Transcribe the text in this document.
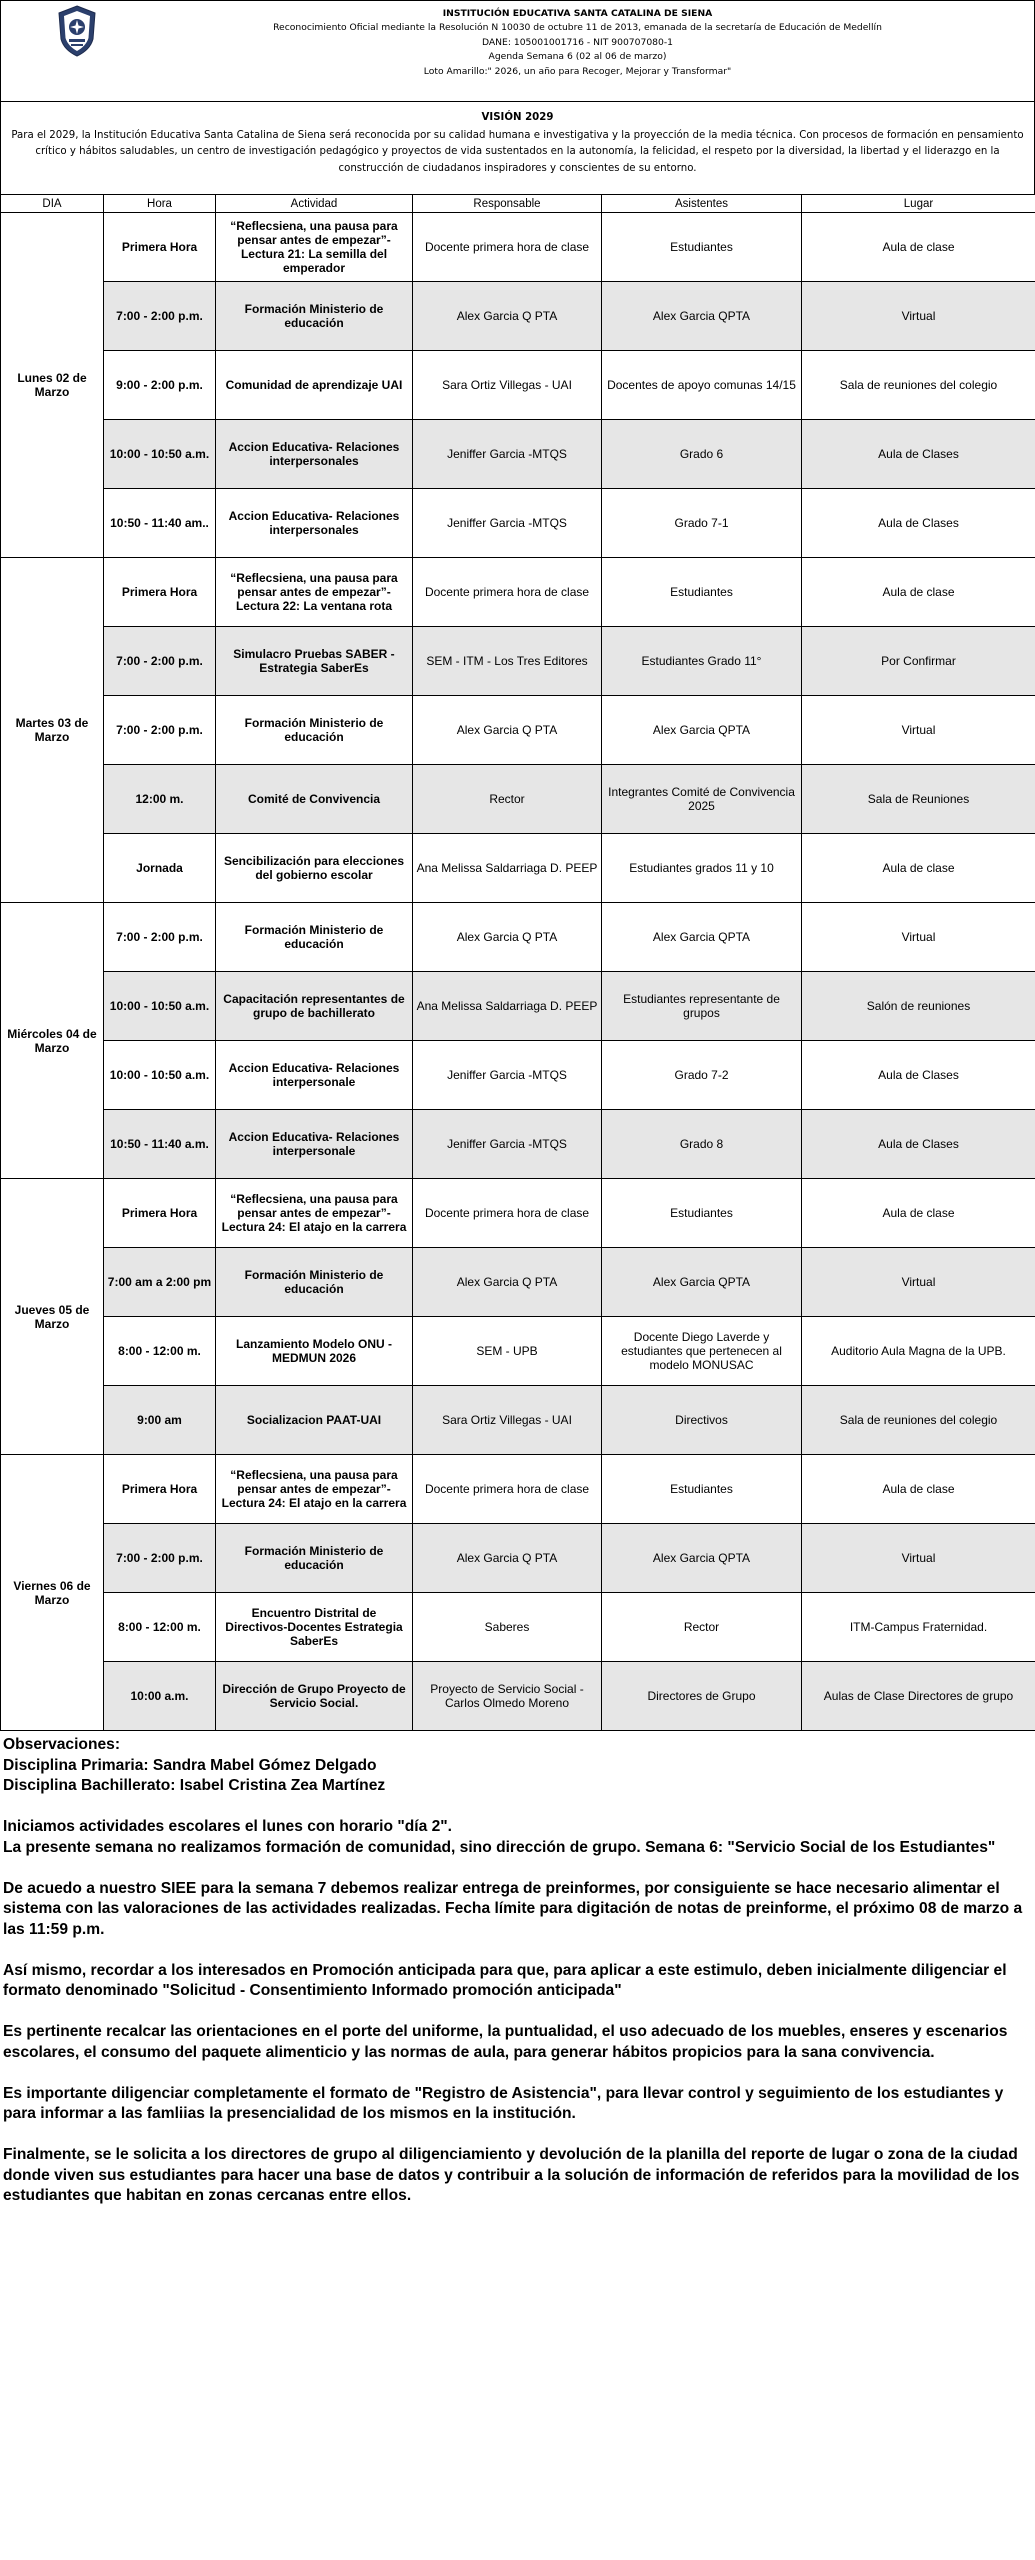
INSTITUCIÓN EDUCATIVA SANTA CATALINA DE SIENA
Reconocimiento Oficial mediante la Resolución N 10030 de octubre 11 de 2013, emanada de la secretaría de Educación de Medellín
DANE: 105001001716 - NIT 900707080-1
Agenda Semana 6 (02 al 06 de marzo)
Loto Amarillo:" 2026, un año para Recoger, Mejorar y Transformar"
VISIÓN 2029
Para el 2029, la Institución Educativa Santa Catalina de Siena será reconocida por su calidad humana e investigativa y la proyección de la media técnica. Con procesos de formación en pensamiento crítico y hábitos saludables, un centro de investigación pedagógico y proyectos de vida sustentados en la autonomía, la felicidad, el respeto por la diversidad, la libertad y el liderazgo en la construcción de ciudadanos inspiradores y conscientes de su entorno.
DIA	Hora	Actividad	Responsable	Asistentes	Lugar
Lunes 02 de Marzo	Primera Hora	“Reflecsiena, una pausa para pensar antes de empezar”- Lectura 21: La semilla del emperador	Docente primera hora de clase	Estudiantes	Aula de clase
	7:00 - 2:00 p.m.	Formación Ministerio de educación	Alex Garcia Q PTA	Alex Garcia QPTA	Virtual
	9:00 - 2:00 p.m.	Comunidad de aprendizaje UAI	Sara Ortiz Villegas - UAI	Docentes de apoyo comunas 14/15	Sala de reuniones del colegio
	10:00 - 10:50 a.m.	Accion Educativa- Relaciones interpersonales	Jeniffer Garcia -MTQS	Grado 6	Aula de Clases
	10:50 - 11:40 am..	Accion Educativa- Relaciones interpersonales	Jeniffer Garcia -MTQS	Grado 7-1	Aula de Clases
Martes 03 de Marzo	Primera Hora	“Reflecsiena, una pausa para pensar antes de empezar”- Lectura 22: La ventana rota	Docente primera hora de clase	Estudiantes	Aula de clase
	7:00 - 2:00 p.m.	Simulacro Pruebas SABER - Estrategia SaberEs	SEM - ITM - Los Tres Editores	Estudiantes Grado 11°	Por Confirmar
	7:00 - 2:00 p.m.	Formación Ministerio de educación	Alex Garcia Q PTA	Alex Garcia QPTA	Virtual
	12:00 m.	Comité de Convivencia	Rector	Integrantes Comité de Convivencia 2025	Sala de Reuniones
	Jornada	Sencibilización para elecciones del gobierno escolar	Ana Melissa Saldarriaga D. PEEP	Estudiantes grados 11 y 10	Aula de clase
Miércoles 04 de Marzo	7:00 - 2:00 p.m.	Formación Ministerio de educación	Alex Garcia Q PTA	Alex Garcia QPTA	Virtual
	10:00 - 10:50 a.m.	Capacitación representantes de grupo de bachillerato	Ana Melissa Saldarriaga D. PEEP	Estudiantes representante de grupos	Salón de reuniones
	10:00 - 10:50 a.m.	Accion Educativa- Relaciones interpersonale	Jeniffer Garcia -MTQS	Grado 7-2	Aula de Clases
	10:50 - 11:40 a.m.	Accion Educativa- Relaciones interpersonale	Jeniffer Garcia -MTQS	Grado 8	Aula de Clases
Jueves 05 de Marzo	Primera Hora	“Reflecsiena, una pausa para pensar antes de empezar”- Lectura 24: El atajo en la carrera	Docente primera hora de clase	Estudiantes	Aula de clase
	7:00 am a 2:00 pm	Formación Ministerio de educación	Alex Garcia Q PTA	Alex Garcia QPTA	Virtual
	8:00 - 12:00 m.	Lanzamiento Modelo ONU - MEDMUN 2026	SEM - UPB	Docente Diego Laverde y estudiantes que pertenecen al modelo MONUSAC	Auditorio Aula Magna de la UPB.
	9:00 am	Socializacion PAAT-UAI	Sara Ortiz Villegas - UAI	Directivos	Sala de reuniones del colegio
Viernes 06 de Marzo	Primera Hora	“Reflecsiena, una pausa para pensar antes de empezar”- Lectura 24: El atajo en la carrera	Docente primera hora de clase	Estudiantes	Aula de clase
	7:00 - 2:00 p.m.	Formación Ministerio de educación	Alex Garcia Q PTA	Alex Garcia QPTA	Virtual
	8:00 - 12:00 m.	Encuentro Distrital de Directivos-Docentes Estrategia SaberEs	Saberes	Rector	ITM-Campus Fraternidad.
	10:00 a.m.	Dirección de Grupo Proyecto de Servicio Social.	Proyecto de Servicio Social - Carlos Olmedo Moreno	Directores de Grupo	Aulas de Clase Directores de grupo

Observaciones:

Disciplina Primaria: Sandra Mabel Gómez Delgado

Disciplina Bachillerato: Isabel Cristina Zea Martínez

Iniciamos actividades escolares el lunes con horario "día 2".
La presente semana no realizamos formación de comunidad, sino dirección de grupo. Semana 6: "Servicio Social de los Estudiantes"

De acuedo a nuestro SIEE para la semana 7 debemos realizar entrega de preinformes, por consiguiente se hace necesario alimentar el sistema con las valoraciones de las actividades realizadas. Fecha límite para digitación de notas de preinforme, el próximo 08 de marzo a las 11:59 p.m.

Así mismo, recordar a los interesados en Promoción anticipada para que, para aplicar a este estimulo, deben inicialmente diligenciar el formato denominado "Solicitud - Consentimiento Informado promoción anticipada"

Es pertinente recalcar las orientaciones en el porte del uniforme, la puntualidad, el uso adecuado de los muebles, enseres y escenarios escolares, el consumo del paquete alimenticio y las normas de aula, para generar hábitos propicios para la sana convivencia.

Es importante diligenciar completamente el formato de "Registro de Asistencia", para llevar control y seguimiento de los estudiantes y para informar a las famliias la presencialidad de los mismos en la institución.

Finalmente, se le solicita a los directores de grupo al diligenciamiento y devolución de la planilla del reporte de lugar o zona de la ciudad donde viven sus estudiantes para hacer una base de datos y contribuir a la solución de información de referidos para la movilidad de los estudiantes que habitan en zonas cercanas entre ellos.
